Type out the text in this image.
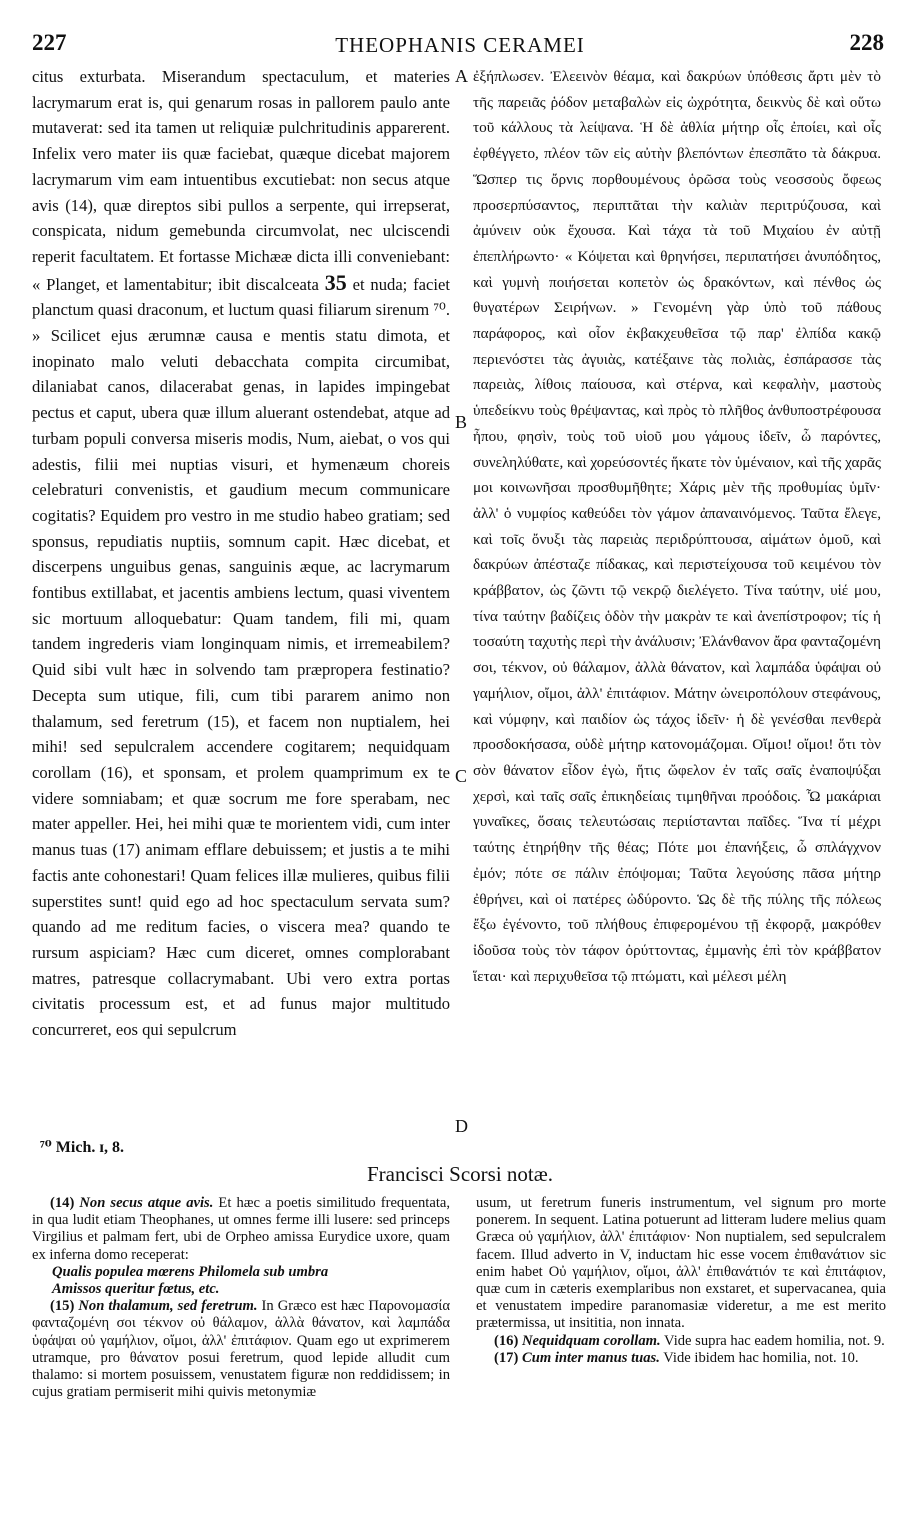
227	THEOPHANIS CERAMEI	228

citus exturbata. Miserandum spectaculum, et materies lacrymarum erat is, qui genarum rosas in pallorem paulo ante mutaverat: sed ita tamen ut reliquiæ pulchritudinis apparerent. Infelix vero mater iis quæ faciebat, quæque dicebat majorem lacrymarum vim eam intuentibus excutiebat: non secus atque avis (14), quæ direptos sibi pullos a serpente, qui irrepserat, conspicata, nidum gemebunda circumvolat, nec ulciscendi reperit facultatem. Et fortasse Michææ dicta illi conveniebant: « Planget, et lamentabitur; ibit discalceata 35 et nuda; faciet planctum quasi draconum, et luctum quasi filiarum sirenum ⁷⁰. » Scilicet ejus ærumnæ causa e mentis statu dimota, et inopinato malo veluti debacchata compita circumibat, dilaniabat canos, dilacerabat genas, in lapides impingebat pectus et caput, ubera quæ illum aluerant ostendebat, atque ad turbam populi conversa miseris modis, Num, aiebat, o vos qui adestis, filii mei nuptias visuri, et hymenæum choreis celebraturi convenistis, et gaudium mecum communicare cogitatis? Equidem pro vestro in me studio habeo gratiam; sed sponsus, repudiatis nuptiis, somnum capit. Hæc dicebat, et discerpens unguibus genas, sanguinis æque, ac lacrymarum fontibus extillabat, et jacentis ambiens lectum, quasi viventem sic mortuum alloquebatur: Quam tandem, fili mi, quam tandem ingrederis viam longinquam nimis, et irremeabilem? Quid sibi vult hæc in solvendo tam præpropera festinatio? Decepta sum utique, fili, cum tibi pararem animo non thalamum, sed feretrum (15), et facem non nuptialem, hei mihi! sed sepulcralem accendere cogitarem; nequidquam corollam (16), et sponsam, et prolem quamprimum ex te videre somniabam; et quæ socrum me fore sperabam, nec mater appeller. Hei, hei mihi quæ te morientem vidi, cum inter manus tuas (17) animam efflare debuissem; et justis a te mihi factis ante cohonestari! Quam felices illæ mulieres, quibus filii superstites sunt! quid ego ad hoc spectaculum servata sum? quando ad me reditum facies, o viscera mea? quando te rursum aspiciam? Hæc cum diceret, omnes complorabant matres, patresque collacrymabant. Ubi vero extra portas civitatis processum est, et ad funus major multitudo concurreret, eos qui sepulcrum

A
B
C
D

ἐξήπλωσεν. Ἐλεεινὸν θέαμα, καὶ δακρύων ὑπόθεσις ἄρτι μὲν τὸ τῆς παρειᾶς ῥόδον μεταβαλὼν εἰς ὠχρότητα, δεικνὺς δὲ καὶ οὕτω τοῦ κάλλους τὰ λείψανα. Ἡ δὲ ἀθλία μήτηρ οἷς ἐποίει, καὶ οἷς ἐφθέγγετο, πλέον τῶν εἰς αὐτὴν βλεπόντων ἐπεσπᾶτο τὰ δάκρυα. Ὥσπερ τις ὄρνις πορθουμένους ὁρῶσα τοὺς νεοσσοὺς ὄφεως προσερπύσαντος, περιπτᾶται τὴν καλιὰν περιτρύζουσα, καὶ ἀμύνειν οὐκ ἔχουσα. Καὶ τάχα τὰ τοῦ Μιχαίου ἐν αὐτῇ ἐπεπλήρωντο· « Κόψεται καὶ θρηνήσει, περιπατήσει ἀνυπόδητος, καὶ γυμνὴ ποιήσεται κοπετὸν ὡς δρακόντων, καὶ πένθος ὡς θυγατέρων Σειρήνων. » Γενομένη γὰρ ὑπὸ τοῦ πάθους παράφορος, καὶ οἷον ἐκβακχευθεῖσα τῷ παρ' ἐλπίδα κακῷ περιενόστει τὰς ἀγυιὰς, κατέξαινε τὰς πολιὰς, ἐσπάρασσε τὰς παρειὰς, λίθοις παίουσα, καὶ στέρνα, καὶ κεφαλὴν, μαστοὺς ὑπεδείκνυ τοὺς θρέψαντας, καὶ πρὸς τὸ πλῆθος ἀνθυποστρέφουσα ἦπου, φησὶν, τοὺς τοῦ υἱοῦ μου γάμους ἰδεῖν, ὦ παρόντες, συνεληλύθατε, καὶ χορεύσοντές ἥκατε τὸν ὑμέναιον, καὶ τῆς χαρᾶς μοι κοινωνῆσαι προσθυμῆθητε; Χάρις μὲν τῆς προθυμίας ὑμῖν· ἀλλ' ὁ νυμφίος καθεύδει τὸν γάμον ἀπαναινόμενος. Ταῦτα ἔλεγε, καὶ τοῖς ὄνυξι τὰς παρειὰς περιδρύπτουσα, αἱμάτων ὁμοῦ, καὶ δακρύων ἀπέσταζε πίδακας, καὶ περιστείχουσα τοῦ κειμένου τὸν κράββατον, ὡς ζῶντι τῷ νεκρῷ διελέγετο. Τίνα ταύτην, υἱέ μου, τίνα ταύτην βαδίζεις ὁδὸν τὴν μακρὰν τε καὶ ἀνεπίστροφον; τίς ἡ τοσαύτη ταχυτὴς περὶ τὴν ἀνάλυσιν; Ἐλάνθανον ἄρα φανταζομένη σοι, τέκνον, οὐ θάλαμον, ἀλλὰ θάνατον, καὶ λαμπάδα ὑφάψαι οὐ γαμήλιον, οἴμοι, ἀλλ' ἐπιτάφιον. Μάτην ὠνειροπόλουν στεφάνους, καὶ νύμφην, καὶ παιδίον ὡς τάχος ἰδεῖν· ἡ δὲ γενέσθαι πενθερὰ προσδοκήσασα, οὐδὲ μήτηρ κατονομάζομαι. Οἴμοι! οἴμοι! ὅτι τὸν σὸν θάνατον εἶδον ἐγὼ, ἥτις ὤφελον ἐν ταῖς σαῖς ἐναποψύξαι χερσὶ, καὶ ταῖς σαῖς ἐπικηδείαις τιμηθῆναι προόδοις. Ὦ μακάριαι γυναῖκες, ὅσαις τελευτώσαις περιίστανται παῖδες. Ἵνα τί μέχρι ταύτης ἐτηρήθην τῆς θέας; Πότε μοι ἐπανήξεις, ὦ σπλάγχνον ἐμόν; πότε σε πάλιν ἐπόψομαι; Ταῦτα λεγούσης πᾶσα μήτηρ ἐθρήνει, καὶ οἱ πατέρες ὠδύροντο. Ὡς δὲ τῆς πύλης τῆς πόλεως ἔξω ἐγένοντο, τοῦ πλήθους ἐπιφερομένου τῇ ἐκφορᾷ, μακρόθεν ἰδοῦσα τοὺς τὸν τάφον ὀρύττοντας, ἐμμανὴς ἐπὶ τὸν κράββατον ἵεται· καὶ περιχυθεῖσα τῷ πτώματι, καὶ μέλεσι μέλη

⁷⁰ Mich. ɪ, 8.
Francisci Scorsi notæ.

(14) Non secus atque avis. Et hæc a poetis similitudo frequentata, in qua ludit etiam Theophanes, ut omnes ferme illi lusere: sed princeps Virgilius et palmam fert, ubi de Orpheo amissa Eurydice uxore, quam ex inferna domo receperat:

Qualis populea mœrens Philomela sub umbra

Amissos queritur fœtus, etc.

(15) Non thalamum, sed feretrum. In Græco est hæc Παρονομασία φανταζομένη σοι τέκνον οὐ θάλαμον, ἀλλὰ θάνατον, καὶ λαμπάδα ὑφάψαι οὐ γαμήλιον, οἴμοι, ἀλλ' ἐπιτάφιον. Quam ego ut exprimerem utramque, pro θάνατον posui feretrum, quod lepide alludit cum thalamo: si mortem posuissem, venustatem figuræ non reddidissem; in cujus gratiam permiserit mihi quivis metonymiæ

usum, ut feretrum funeris instrumentum, vel signum pro morte ponerem. In sequent. Latina potuerunt ad litteram ludere melius quam Græca οὐ γαμήλιον, ἀλλ' ἐπιτάφιον· Non nuptialem, sed sepulcralem facem. Illud adverto in V, inductam hic esse vocem ἐπιθανάτιον sic enim habet Οὐ γαμήλιον, οἴμοι, ἀλλ' ἐπιθανάτιόν τε καὶ ἐπιτάφιον, quæ cum in cæteris exemplaribus non exstaret, et supervacanea, quia et venustatem impedire paranomasiæ videretur, a me est merito prætermissa, ut insititia, non innata.

(16) Nequidquam corollam. Vide supra hac eadem homilia, not. 9.

(17) Cum inter manus tuas. Vide ibidem hac homilia, not. 10.
